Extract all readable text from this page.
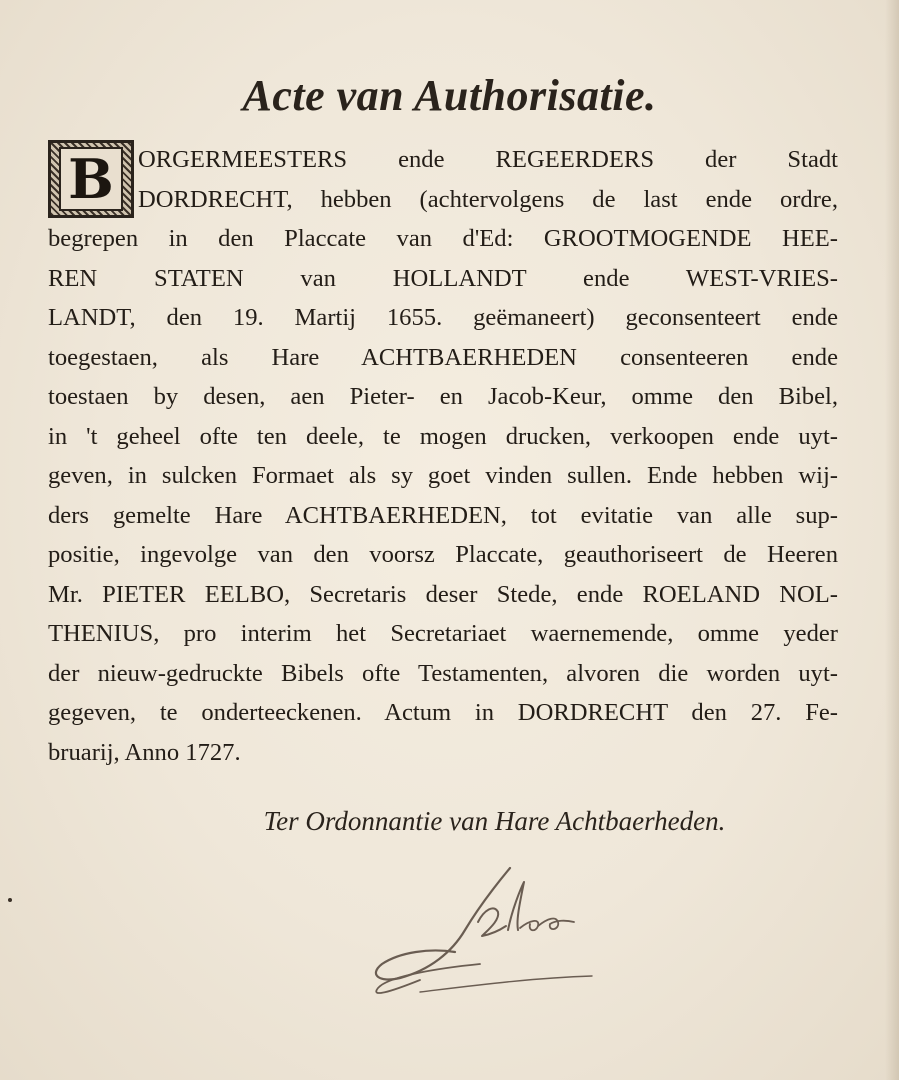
Acte van Authorisatie.
B ORGERMEESTERS ende REGEERDERS der Stadt
DORDRECHT, hebben (achtervolgens de last ende ordre,
begrepen in den Placcate van d'Ed: GROOTMOGENDE HEE-
REN STATEN van HOLLANDT ende WEST-VRIES-
LANDT, den 19. Martij 1655. geëmaneert) geconsenteert ende
toegestaen, als Hare ACHTBAERHEDEN consenteeren ende
toestaen by desen, aen Pieter- en Jacob-Keur, omme den Bibel,
in 't geheel ofte ten deele, te mogen drucken, verkoopen ende uyt-
geven, in sulcken Formaet als sy goet vinden sullen. Ende hebben wij-
ders gemelte Hare ACHTBAERHEDEN, tot evitatie van alle sup-
positie, ingevolge van den voorsz Placcate, geauthoriseert de Heeren
Mr. PIETER EELBO, Secretaris deser Stede, ende ROELAND NOL-
THENIUS, pro interim het Secretariaet waernemende, omme yeder
der nieuw-gedruckte Bibels ofte Testamenten, alvoren die worden uyt-
gegeven, te onderteeckenen. Actum in DORDRECHT den 27. Fe-
bruarij, Anno 1727.
Ter Ordonnantie van Hare Achtbaerheden.
